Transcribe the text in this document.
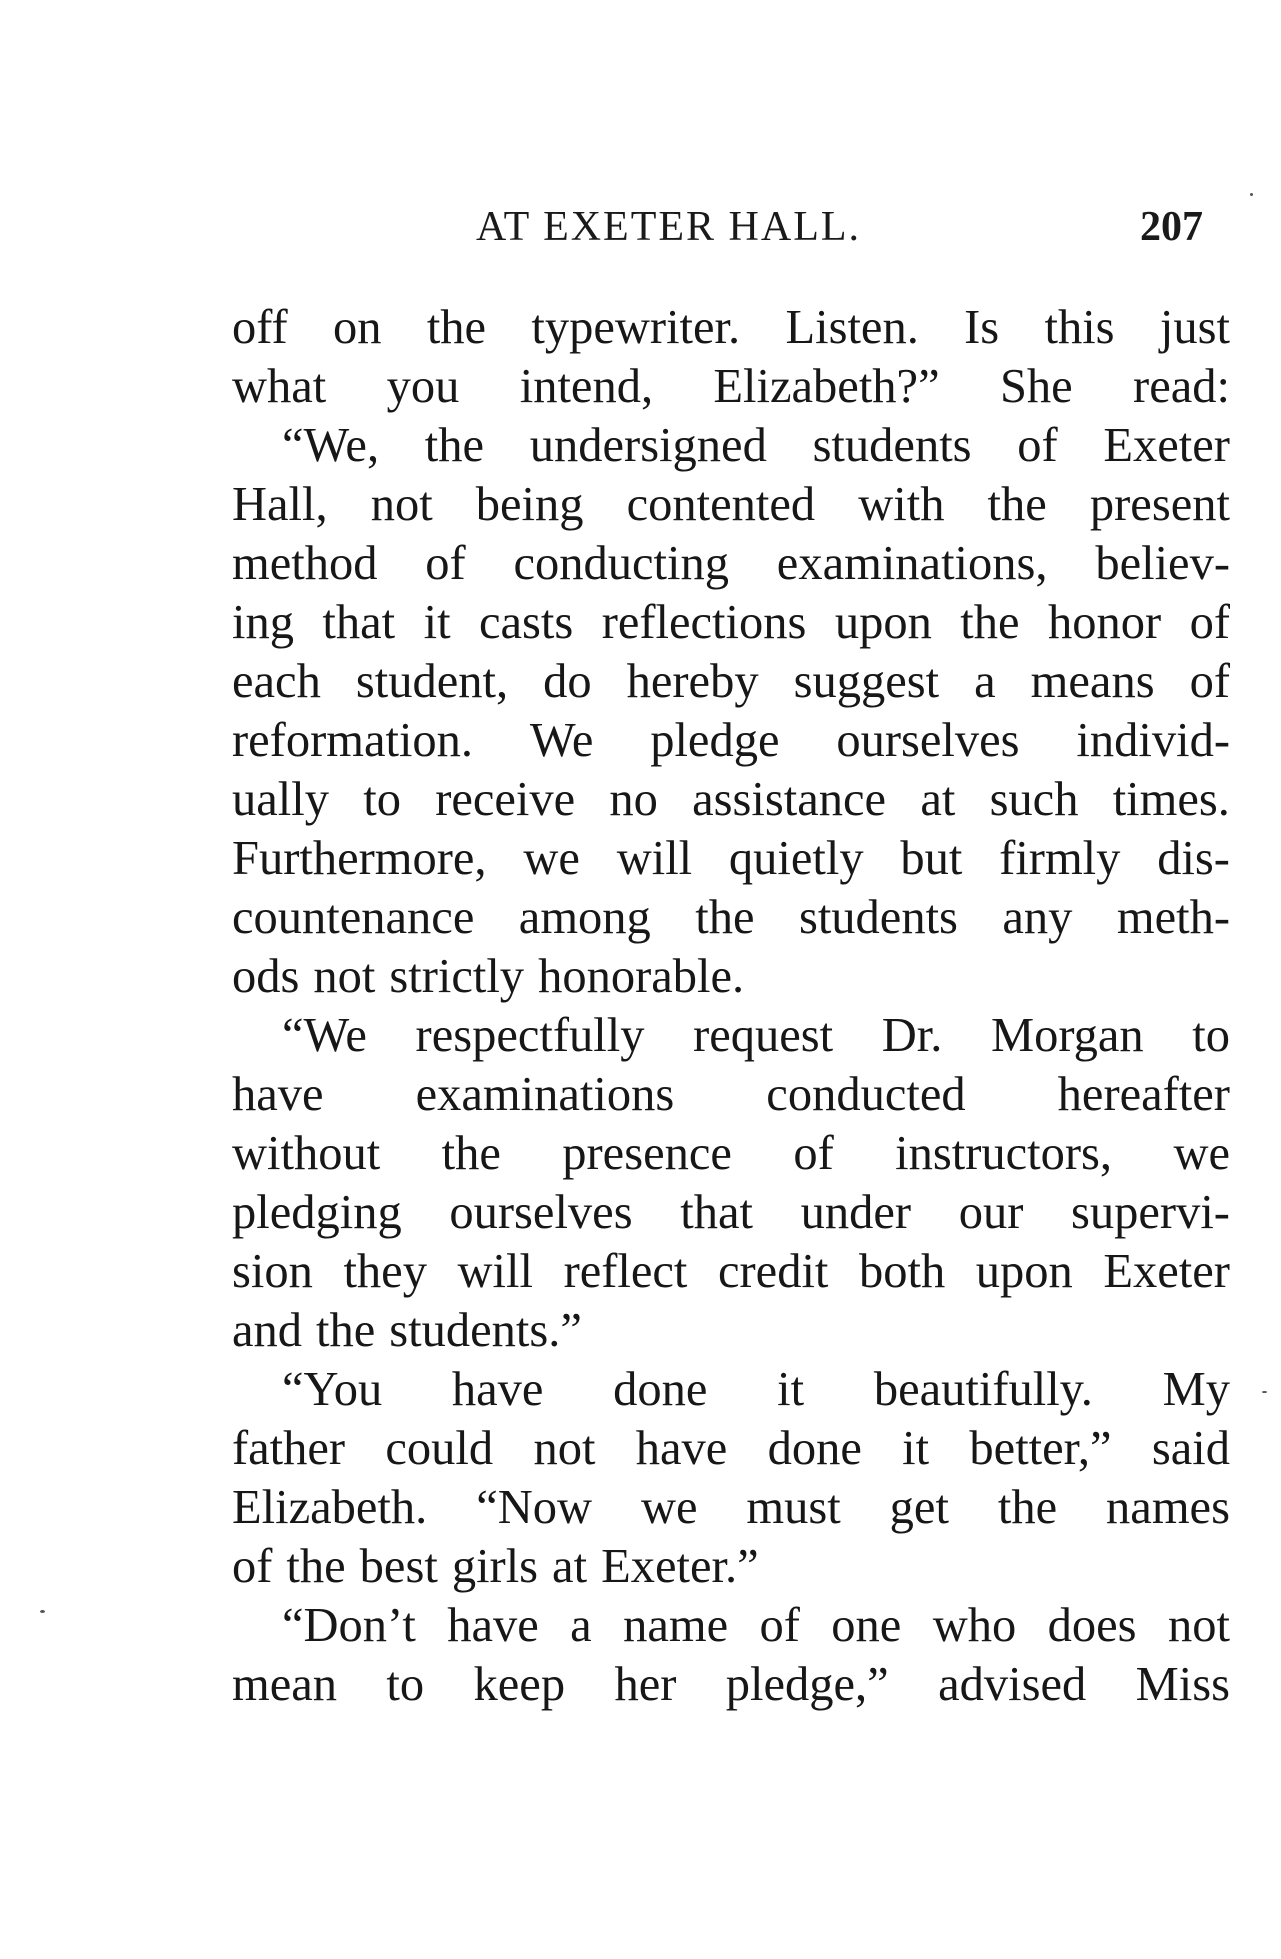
AT EXETER HALL.	207
off on the typewriter. Listen. Is this just
what you intend, Elizabeth?” She read:
“We, the undersigned students of Exeter
Hall, not being contented with the present
method of conducting examinations, believ-
ing that it casts reflections upon the honor of
each student, do hereby suggest a means of
reformation. We pledge ourselves individ-
ually to receive no assistance at such times.
Furthermore, we will quietly but firmly dis-
countenance among the students any meth-
ods not strictly honorable.
“We respectfully request Dr. Morgan to
have examinations conducted hereafter
without the presence of instructors, we
pledging ourselves that under our supervi-
sion they will reflect credit both upon Exeter
and the students.”
“You have done it beautifully. My
father could not have done it better,” said
Elizabeth. “Now we must get the names
of the best girls at Exeter.”
“Don’t have a name of one who does not
mean to keep her pledge,” advised Miss
